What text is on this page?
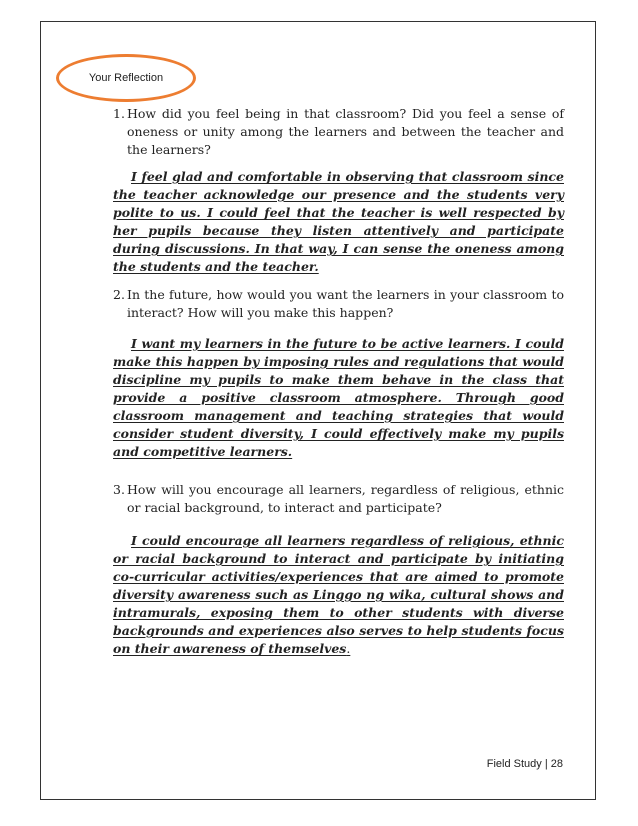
Your Reflection
1. How did you feel being in that classroom? Did you feel a sense of oneness or unity among the learners and between the teacher and the learners?
I feel glad and comfortable in observing that classroom since the teacher acknowledge our presence and the students very polite to us. I could feel that the teacher is well respected by her pupils because they listen attentively and participate during discussions. In that way, I can sense the oneness among the students and the teacher.
2. In the future, how would you want the learners in your classroom to interact? How will you make this happen?
I want my learners in the future to be active learners. I could make this happen by imposing rules and regulations that would discipline my pupils to make them behave in the class that provide a positive classroom atmosphere. Through good classroom management and teaching strategies that would consider student diversity, I could effectively make my pupils and competitive learners.
3. How will you encourage all learners, regardless of religious, ethnic or racial background, to interact and participate?
I could encourage all learners regardless of religious, ethnic or racial background to interact and participate by initiating co-curricular activities/experiences that are aimed to promote diversity awareness such as Linggo ng wika, cultural shows and intramurals, exposing them to other students with diverse backgrounds and experiences also serves to help students focus on their awareness of themselves.
Field Study | 28
